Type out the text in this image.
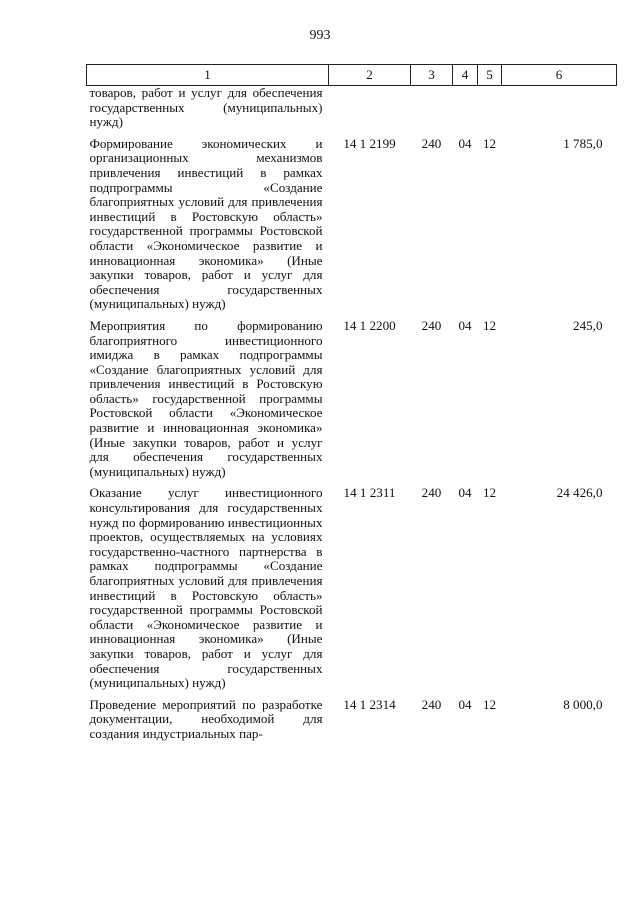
993
1	2	3	4	5	6
товаров, работ и услуг для обеспечения государственных (муниципальных) нужд)					
Формирование экономических и организационных механизмов привлечения инвестиций в рамках подпрограммы «Создание благоприятных условий для привлечения инвестиций в Ростовскую область» государственной программы Ростовской области «Экономическое развитие и инновационная экономика» (Иные закупки товаров, работ и услуг для обеспечения государственных (муниципальных) нужд)	14 1 2199	240	04	12	1 785,0
Мероприятия по формированию благоприятного инвестиционного имиджа в рамках подпрограммы «Создание благоприятных условий для привлечения инвестиций в Ростовскую область» государственной программы Ростовской области «Экономическое развитие и инновационная экономика» (Иные закупки товаров, работ и услуг для обеспечения государственных (муниципальных) нужд)	14 1 2200	240	04	12	245,0
Оказание услуг инвестиционного консультирования для государственных нужд по формированию инвестиционных проектов, осуществляемых на условиях государственно-частного партнерства в рамках подпрограммы «Создание благоприятных условий для привлечения инвестиций в Ростовскую область» государственной программы Ростовской области «Экономическое развитие и инновационная экономика» (Иные закупки товаров, работ и услуг для обеспечения государственных (муниципальных) нужд)	14 1 2311	240	04	12	24 426,0
Проведение мероприятий по разработке документации, необходимой для создания индустриальных пар-	14 1 2314	240	04	12	8 000,0
